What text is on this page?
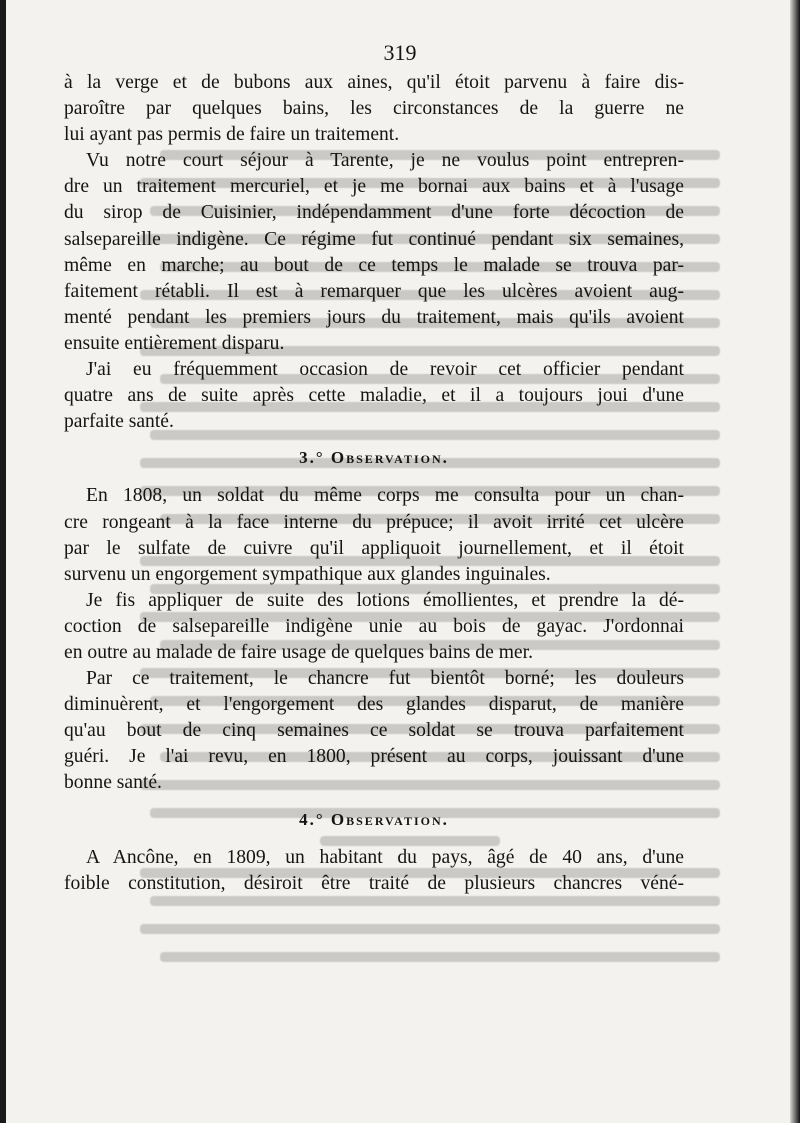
319
à la verge et de bubons aux aines, qu'il étoit parvenu à faire dis-
paroître par quelques bains, les circonstances de la guerre ne
lui ayant pas permis de faire un traitement.
Vu notre court séjour à Tarente, je ne voulus point entrepren-
dre un traitement mercuriel, et je me bornai aux bains et à l'usage
du sirop de Cuisinier, indépendamment d'une forte décoction de
salsepareille indigène. Ce régime fut continué pendant six semaines,
même en marche; au bout de ce temps le malade se trouva par-
faitement rétabli. Il est à remarquer que les ulcères avoient aug-
menté pendant les premiers jours du traitement, mais qu'ils avoient
ensuite entièrement disparu.
J'ai eu fréquemment occasion de revoir cet officier pendant
quatre ans de suite après cette maladie, et il a toujours joui d'une
parfaite santé.
3.° Observation.
En 1808, un soldat du même corps me consulta pour un chan-
cre rongeant à la face interne du prépuce; il avoit irrité cet ulcère
par le sulfate de cuivre qu'il appliquoit journellement, et il étoit
survenu un engorgement sympathique aux glandes inguinales.
Je fis appliquer de suite des lotions émollientes, et prendre la dé-
coction de salsepareille indigène unie au bois de gayac. J'ordonnai
en outre au malade de faire usage de quelques bains de mer.
Par ce traitement, le chancre fut bientôt borné; les douleurs
diminuèrent, et l'engorgement des glandes disparut, de manière
qu'au bout de cinq semaines ce soldat se trouva parfaitement
guéri. Je l'ai revu, en 1800, présent au corps, jouissant d'une
bonne santé.
4.° Observation.
A Ancône, en 1809, un habitant du pays, âgé de 40 ans, d'une
foible constitution, désiroit être traité de plusieurs chancres véné-
